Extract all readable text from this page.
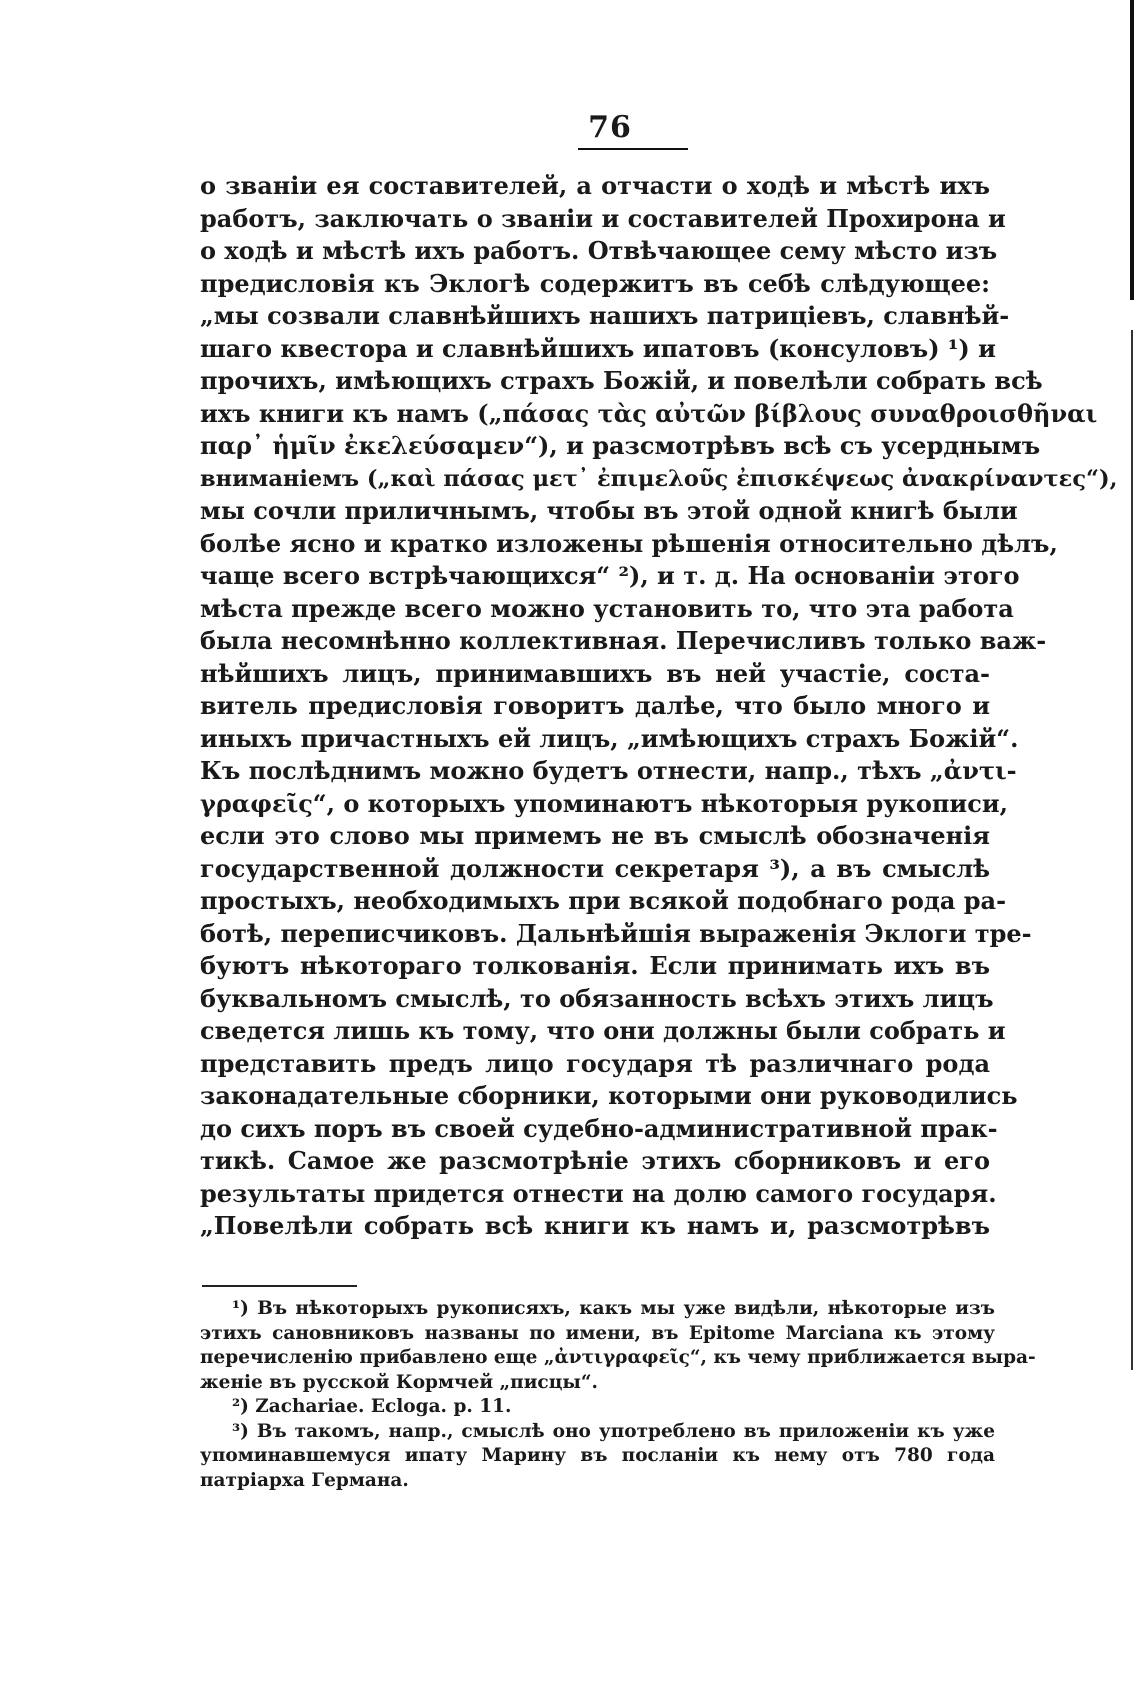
76
о званіи ея составителей, а отчасти о ходѣ и мѣстѣ ихъ
работъ, заключать о званіи и составителей Прохирона и
о ходѣ и мѣстѣ ихъ работъ. Отвѣчающее сему мѣсто изъ
предисловія къ Эклогѣ содержитъ въ себѣ слѣдующее:
„мы созвали славнѣйшихъ нашихъ патриціевъ, славнѣй-
шаго квестора и славнѣйшихъ ипатовъ (консуловъ) ¹) и
прочихъ, имѣющихъ страхъ Божій, и повелѣли собрать всѣ
ихъ книги къ намъ („πάσας τὰς αὐτῶν βίβλους συναθροισθῆναι
παρ᾽ ἡμῖν ἐκελεύσαμεν“), и разсмотрѣвъ всѣ съ усерднымъ
вниманіемъ („καὶ πάσας μετ᾽ ἐπιμελοῦς ἐπισκέψεως ἀνακρίναντες“),
мы сочли приличнымъ, чтобы въ этой одной книгѣ были
болѣе ясно и кратко изложены рѣшенія относительно дѣлъ,
чаще всего встрѣчающихся“ ²), и т. д. На основаніи этого
мѣста прежде всего можно установить то, что эта работа
была несомнѣнно коллективная. Перечисливъ только важ-
нѣйшихъ лицъ, принимавшихъ въ ней участіе, соста-
витель предисловія говоритъ далѣе, что было много и
иныхъ причастныхъ ей лицъ, „имѣющихъ страхъ Божій“.
Къ послѣднимъ можно будетъ отнести, напр., тѣхъ „ἀντι-
γραφεῖς“, о которыхъ упоминаютъ нѣкоторыя рукописи,
если это слово мы примемъ не въ смыслѣ обозначенія
государственной должности секретаря ³), а въ смыслѣ
простыхъ, необходимыхъ при всякой подобнаго рода ра-
ботѣ, переписчиковъ. Дальнѣйшія выраженія Эклоги тре-
буютъ нѣкотораго толкованія. Если принимать ихъ въ
буквальномъ смыслѣ, то обязанность всѣхъ этихъ лицъ
сведется лишь къ тому, что они должны были собрать и
представить предъ лицо государя тѣ различнаго рода
законадательные сборники, которыми они руководились
до сихъ поръ въ своей судебно-административной прак-
тикѣ. Самое же разсмотрѣніе этихъ сборниковъ и его
результаты придется отнести на долю самого государя.
„Повелѣли собрать всѣ книги къ намъ и, разсмотрѣвъ
¹) Въ нѣкоторыхъ рукописяхъ, какъ мы уже видѣли, нѣкоторые изъ
этихъ сановниковъ названы по имени, въ Epitome Marciana къ этому
перечисленію прибавлено еще „ἀντιγραφεῖς“, къ чему приближается выра-
женіе въ русской Кормчей „писцы“.
²) Zachariae. Ecloga. p. 11.
³) Въ такомъ, напр., смыслѣ оно употреблено въ приложеніи къ уже
упоминавшемуся ипату Марину въ посланіи къ нему отъ 780 года
патріарха Германа.
